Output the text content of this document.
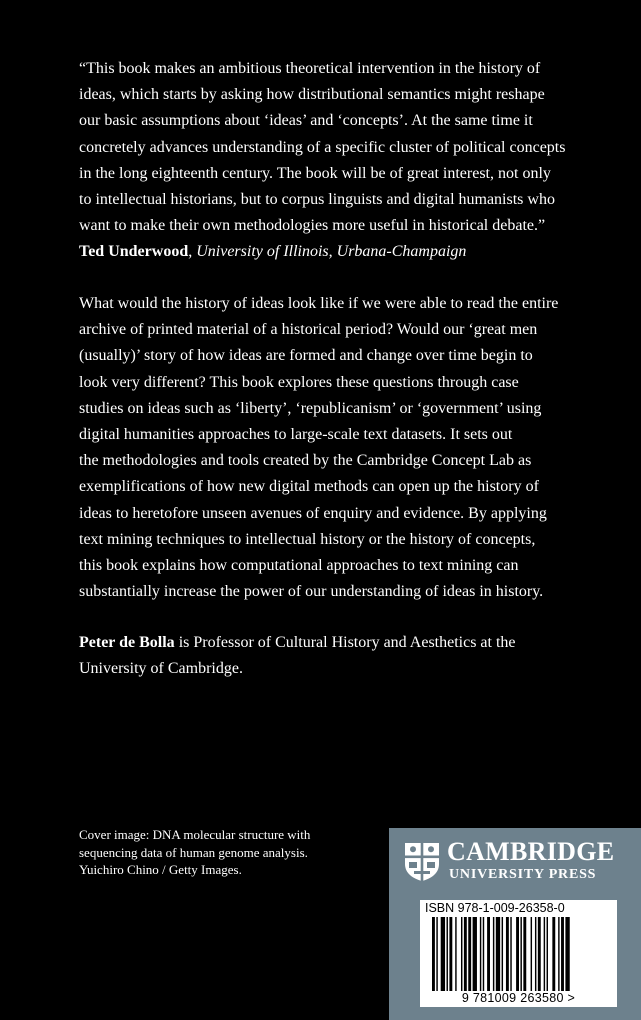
“This book makes an ambitious theoretical intervention in the history of
ideas, which starts by asking how distributional semantics might reshape
our basic assumptions about ‘ideas’ and ‘concepts’. At the same time it
concretely advances understanding of a specific cluster of political concepts
in the long eighteenth century. The book will be of great interest, not only
to intellectual historians, but to corpus linguists and digital humanists who
want to make their own methodologies more useful in historical debate.”
Ted Underwood, University of Illinois, Urbana-Champaign
What would the history of ideas look like if we were able to read the entire
archive of printed material of a historical period? Would our ‘great men
(usually)’ story of how ideas are formed and change over time begin to
look very different? This book explores these questions through case
studies on ideas such as ‘liberty’, ‘republicanism’ or ‘government’ using
digital humanities approaches to large-scale text datasets. It sets out
the methodologies and tools created by the Cambridge Concept Lab as
exemplifications of how new digital methods can open up the history of
ideas to heretofore unseen avenues of enquiry and evidence. By applying
text mining techniques to intellectual history or the history of concepts,
this book explains how computational approaches to text mining can
substantially increase the power of our understanding of ideas in history.
Peter de Bolla is Professor of Cultural History and Aesthetics at the
University of Cambridge.
Cover image: DNA molecular structure with
sequencing data of human genome analysis.
Yuichiro Chino / Getty Images.
CAMBRIDGE
UNIVERSITY PRESS
ISBN 978-1-009-26358-0
9 781009 263580 >
